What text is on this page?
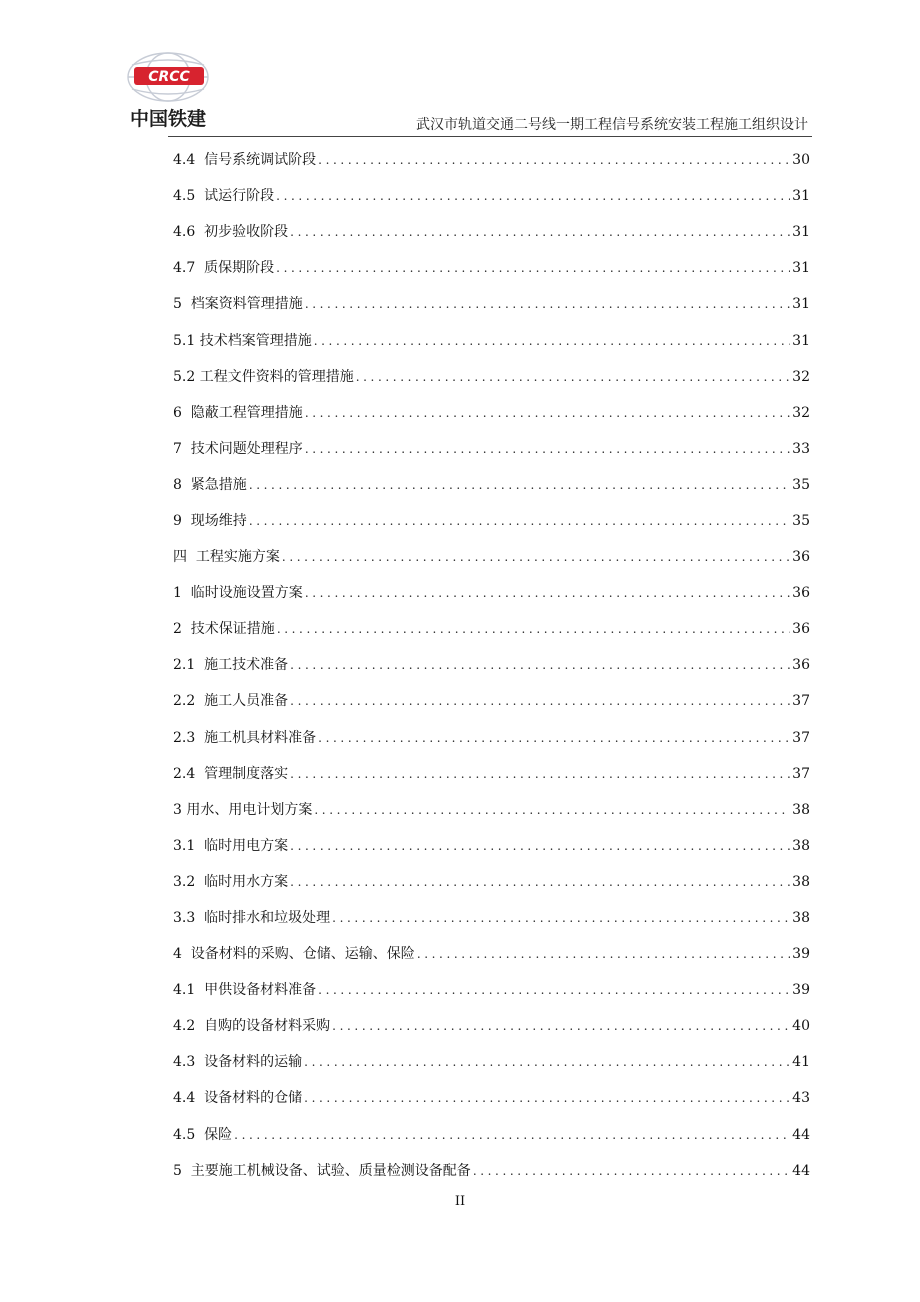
CRCC
中国铁建	武汉市轨道交通二号线一期工程信号系统安装工程施工组织设计
4.4  信号系统调试阶段 .....	30
4.5  试运行阶段 .....	31
4.6  初步验收阶段 .....	31
4.7  质保期阶段 .....	31
5  档案资料管理措施 .....	31
5.1 技术档案管理措施 .....	31
5.2 工程文件资料的管理措施 .....	32
6  隐蔽工程管理措施 .....	32
7  技术问题处理程序 .....	33
8  紧急措施 .....	35
9  现场维持 .....	35
四  工程实施方案 .....	36
1  临时设施设置方案 .....	36
2  技术保证措施 .....	36
2.1  施工技术准备 .....	36
2.2  施工人员准备 .....	37
2.3  施工机具材料准备 .....	37
2.4  管理制度落实 .....	37
3 用水、用电计划方案 .....	38
3.1  临时用电方案 .....	38
3.2  临时用水方案 .....	38
3.3  临时排水和垃圾处理 .....	38
4  设备材料的采购、仓储、运输、保险 .....	39
4.1  甲供设备材料准备 .....	39
4.2  自购的设备材料采购 .....	40
4.3  设备材料的运输 .....	41
4.4  设备材料的仓储 .....	43
4.5  保险 .....	44
5  主要施工机械设备、试验、质量检测设备配备 .....	44
II
